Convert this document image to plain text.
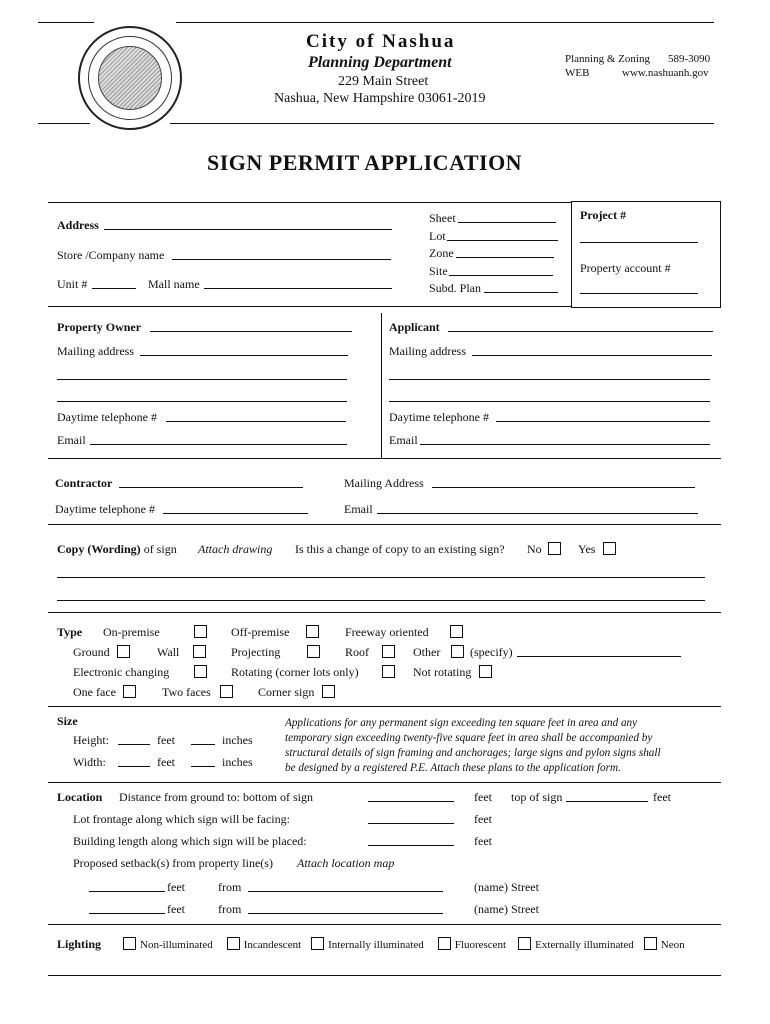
City of Nashua
Planning Department
229 Main Street
Nashua, New Hampshire 03061-2019
Planning & Zoning 589-3090
WEB	www.nashuanh.gov
SIGN PERMIT APPLICATION
Address
Store /Company name
Unit #	Mall name
Sheet
Lot
Zone
Site
Subd. Plan
Project #
Property account #
Property Owner
Mailing address
Daytime telephone #
Email
Applicant
Mailing address
Daytime telephone #
Email
Contractor	Mailing Address
Daytime telephone #	Email
Copy (Wording) of sign Attach drawing Is this a change of copy to an existing sign? No	Yes
Type On-premise	Off-premise	Freeway oriented
Ground	Wall	Projecting	Roof	Other (specify)
Electronic changing	Rotating (corner lots only)	Not rotating
One face	Two faces	Corner sign
Size
Height:	feet	inches
Width:	feet	inches
Applications for any permanent sign exceeding ten square feet in area and any
temporary sign exceeding twenty-five square feet in area shall be accompanied by
structural details of sign framing and anchorages; large signs and pylon signs shall
be designed by a registered P.E. Attach these plans to the application form.
Location Distance from ground to: bottom of sign	feet top of sign	feet
Lot frontage along which sign will be facing:	feet
Building length along which sign will be placed:	feet
Proposed setback(s) from property line(s) Attach location map
feet	from	(name) Street
feet	from	(name) Street
Lighting	Non-illuminated	Incandescent Internally illuminated	Fluorescent	Externally illuminated Neon
